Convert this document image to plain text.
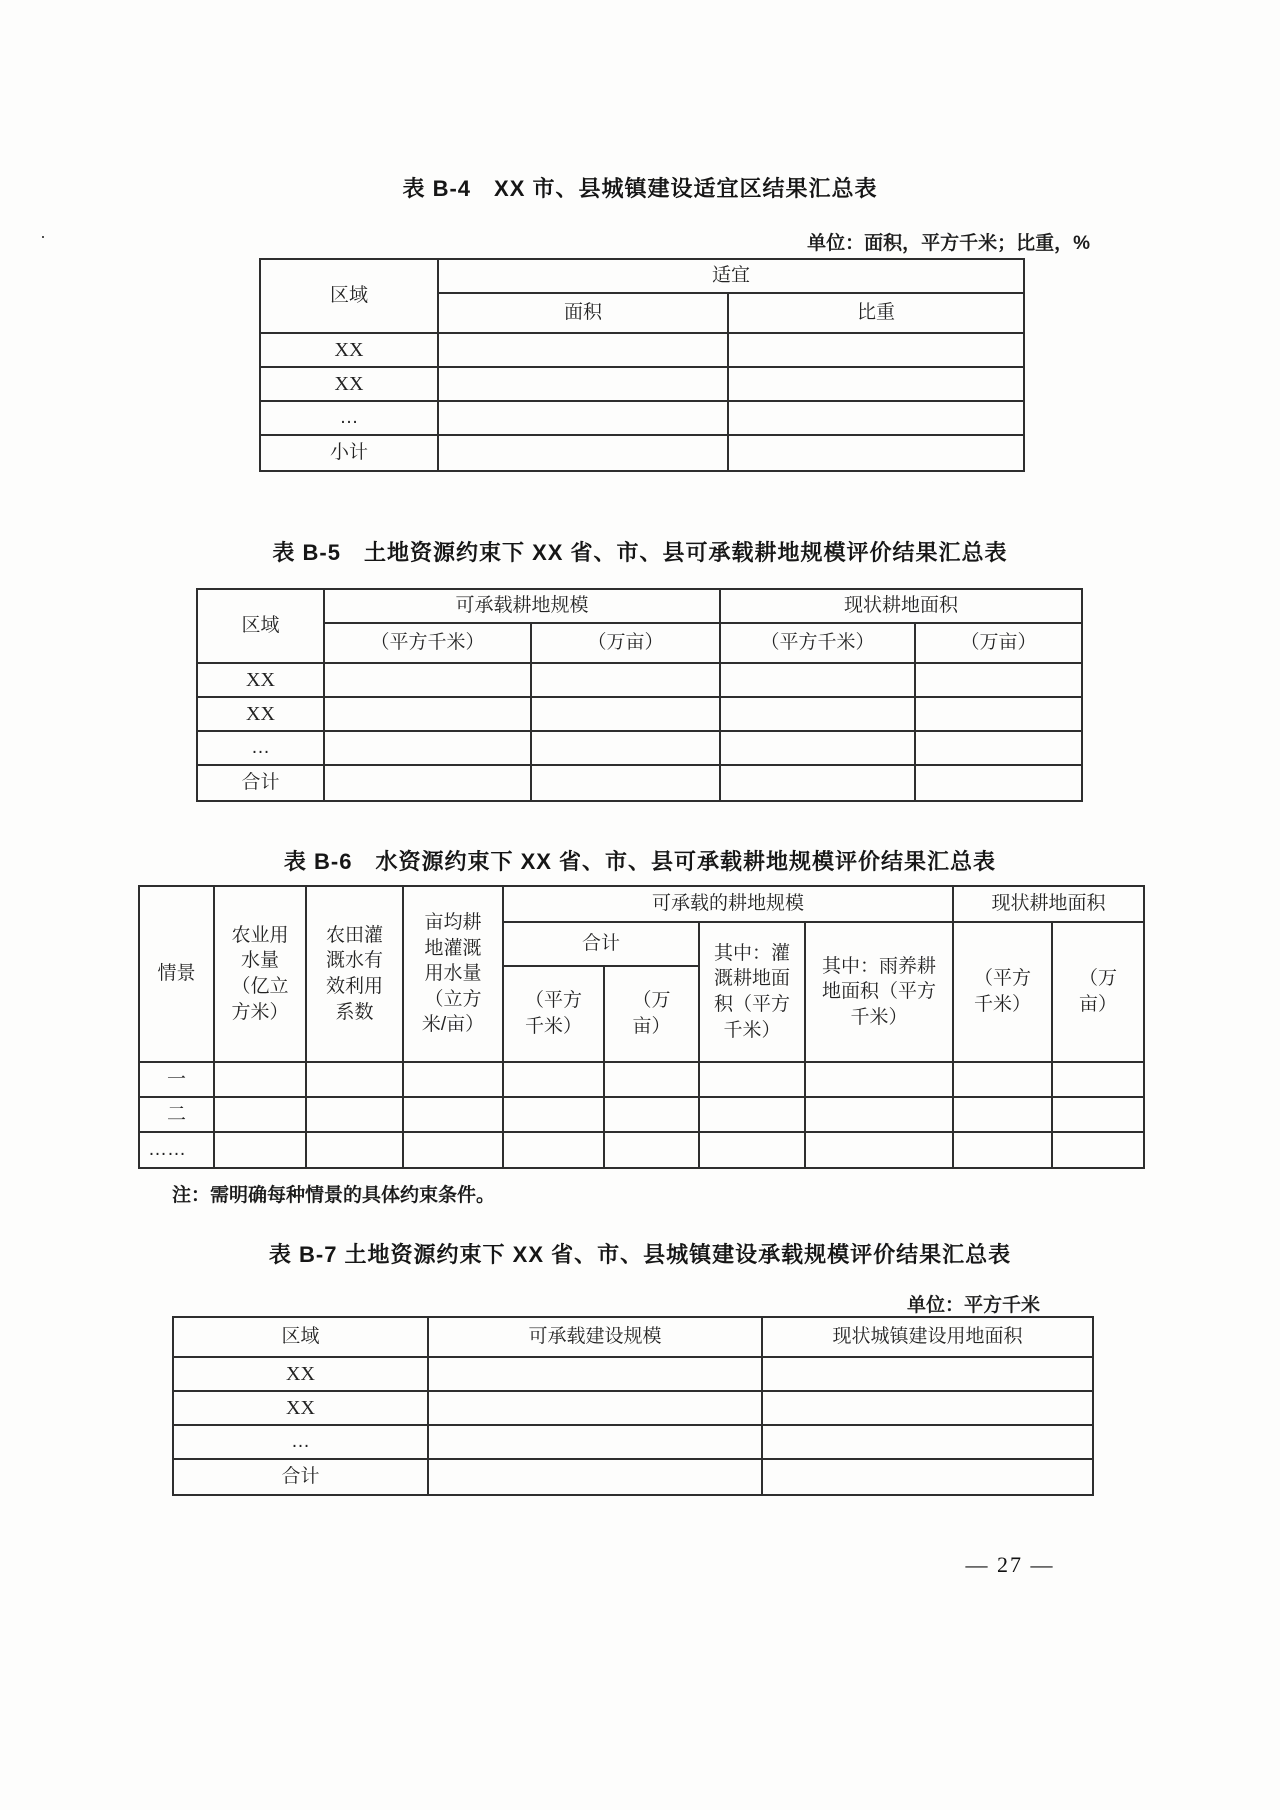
·
表 B-4　XX 市、县城镇建设适宜区结果汇总表
单位：面积，平方千米；比重，%
区域	适宜	
	面积	比重
XX		
XX		
…		
小计		
表 B-5　土地资源约束下 XX 省、市、县可承载耕地规模评价结果汇总表
区域	可承载耕地规模		现状耕地面积	
	（平方千米）	（万亩）	（平方千米）	（万亩）
XX				
XX				
…				
合计				
表 B-6　水资源约束下 XX 省、市、县可承载耕地规模评价结果汇总表
情景	农业用水量（亿立方米）	农田灌溉水有效利用系数	亩均耕地灌溉用水量（立方米/亩）	可承载的耕地规模				现状耕地面积	
				合计		其中：灌溉耕地面积（平方千米）	其中：雨养耕地面积（平方千米）	（平方千米）	（万亩）
				（平方千米）	（万亩）				
一									
二									
……									
注：需明确每种情景的具体约束条件。
表 B-7 土地资源约束下 XX 省、市、县城镇建设承载规模评价结果汇总表
单位：平方千米
区域	可承载建设规模	现状城镇建设用地面积
XX		
XX		
…		
合计		
— 27 —
